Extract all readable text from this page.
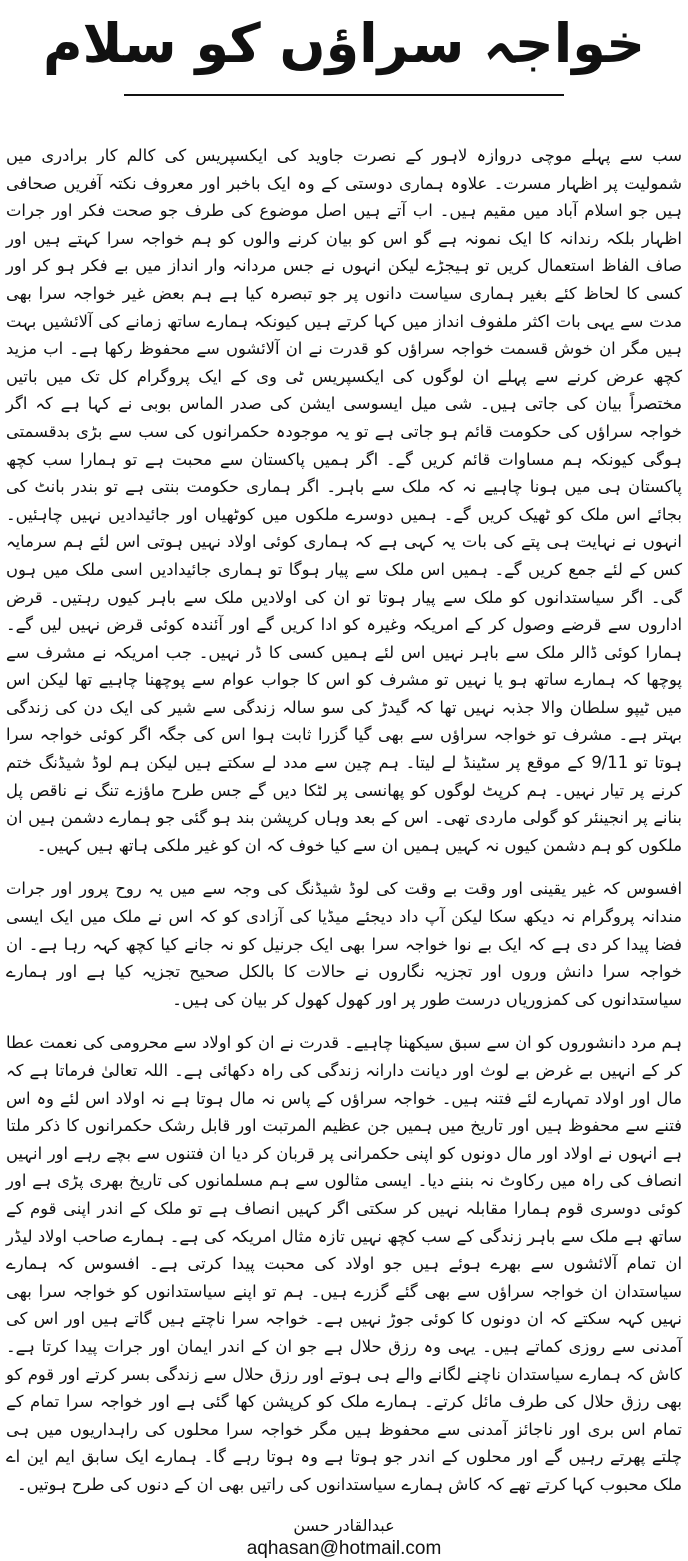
خواجہ سراؤں کو سلام

سب سے پہلے موچی دروازہ لاہور کے نصرت جاوید کی ایکسپریس کی کالم کار برادری میں شمولیت پر اظہار مسرت۔ علاوہ ہماری دوستی کے وہ ایک باخبر اور معروف نکتہ آفریں صحافی ہیں جو اسلام آباد میں مقیم ہیں۔ اب آتے ہیں اصل موضوع کی طرف جو صحت فکر اور جرات اظہار بلکہ رندانہ کا ایک نمونہ ہے گو اس کو بیان کرنے والوں کو ہم خواجہ سرا کہتے ہیں اور صاف الفاظ استعمال کریں تو ہیجڑے لیکن انہوں نے جس مردانہ وار انداز میں بے فکر ہو کر اور کسی کا لحاظ کئے بغیر ہماری سیاست دانوں پر جو تبصرہ کیا ہے ہم بعض غیر خواجہ سرا بھی مدت سے یہی بات اکثر ملفوف انداز میں کہا کرتے ہیں کیونکہ ہمارے ساتھ زمانے کی آلائشیں بہت ہیں مگر ان خوش قسمت خواجہ سراؤں کو قدرت نے ان آلائشوں سے محفوظ رکھا ہے۔ اب مزید کچھ عرض کرنے سے پہلے ان لوگوں کی ایکسپریس ٹی وی کے ایک پروگرام کل تک میں باتیں مختصراً بیان کی جاتی ہیں۔ شی میل ایسوسی ایشن کی صدر الماس بوبی نے کہا ہے کہ اگر خواجہ سراؤں کی حکومت قائم ہو جاتی ہے تو یہ موجودہ حکمرانوں کی سب سے بڑی بدقسمتی ہوگی کیونکہ ہم مساوات قائم کریں گے۔ اگر ہمیں پاکستان سے محبت ہے تو ہمارا سب کچھ پاکستان ہی میں ہونا چاہیے نہ کہ ملک سے باہر۔ اگر ہماری حکومت بنتی ہے تو بندر بانٹ کی بجائے اس ملک کو ٹھیک کریں گے۔ ہمیں دوسرے ملکوں میں کوٹھیاں اور جائیدادیں نہیں چاہئیں۔ انہوں نے نہایت ہی پتے کی بات یہ کہی ہے کہ ہماری کوئی اولاد نہیں ہوتی اس لئے ہم سرمایہ کس کے لئے جمع کریں گے۔ ہمیں اس ملک سے پیار ہوگا تو ہماری جائیدادیں اسی ملک میں ہوں گی۔ اگر سیاستدانوں کو ملک سے پیار ہوتا تو ان کی اولادیں ملک سے باہر کیوں رہتیں۔ قرض اداروں سے قرضے وصول کر کے امریکہ وغیرہ کو ادا کریں گے اور آئندہ کوئی قرض نہیں لیں گے۔ ہمارا کوئی ڈالر ملک سے باہر نہیں اس لئے ہمیں کسی کا ڈر نہیں۔ جب امریکہ نے مشرف سے پوچھا کہ ہمارے ساتھ ہو یا نہیں تو مشرف کو اس کا جواب عوام سے پوچھنا چاہیے تھا لیکن اس میں ٹیپو سلطان والا جذبہ نہیں تھا کہ گیدڑ کی سو سالہ زندگی سے شیر کی ایک دن کی زندگی بہتر ہے۔ مشرف تو خواجہ سراؤں سے بھی گیا گزرا ثابت ہوا اس کی جگہ اگر کوئی خواجہ سرا ہوتا تو 9/11 کے موقع پر سٹینڈ لے لیتا۔ ہم چین سے مدد لے سکتے ہیں لیکن ہم لوڈ شیڈنگ ختم کرنے پر تیار نہیں۔ ہم کرپٹ لوگوں کو پھانسی پر لٹکا دیں گے جس طرح ماؤزے تنگ نے ناقص پل بنانے پر انجینئر کو گولی ماردی تھی۔ اس کے بعد وہاں کرپشن بند ہو گئی جو ہمارے دشمن ہیں ان ملکوں کو ہم دشمن کیوں نہ کہیں ہمیں ان سے کیا خوف کہ ان کو غیر ملکی ہاتھ ہیں کہیں۔

افسوس کہ غیر یقینی اور وقت بے وقت کی لوڈ شیڈنگ کی وجہ سے میں یہ روح پرور اور جرات مندانہ پروگرام نہ دیکھ سکا لیکن آپ داد دیجئے میڈیا کی آزادی کو کہ اس نے ملک میں ایک ایسی فضا پیدا کر دی ہے کہ ایک بے نوا خواجہ سرا بھی ایک جرنیل کو نہ جانے کیا کچھ کہہ رہا ہے۔ ان خواجہ سرا دانش وروں اور تجزیہ نگاروں نے حالات کا بالکل صحیح تجزیہ کیا ہے اور ہمارے سیاستدانوں کی کمزوریاں درست طور پر اور کھول کھول کر بیان کی ہیں۔

ہم مرد دانشوروں کو ان سے سبق سیکھنا چاہیے۔ قدرت نے ان کو اولاد سے محرومی کی نعمت عطا کر کے انہیں بے غرض بے لوث اور دیانت دارانہ زندگی کی راہ دکھائی ہے۔ اللہ تعالیٰ فرماتا ہے کہ مال اور اولاد تمہارے لئے فتنہ ہیں۔ خواجہ سراؤں کے پاس نہ مال ہوتا ہے نہ اولاد اس لئے وہ اس فتنے سے محفوظ ہیں اور تاریخ میں ہمیں جن عظیم المرتبت اور قابل رشک حکمرانوں کا ذکر ملتا ہے انہوں نے اولاد اور مال دونوں کو اپنی حکمرانی پر قربان کر دیا ان فتنوں سے بچے رہے اور انہیں انصاف کی راہ میں رکاوٹ نہ بننے دیا۔ ایسی مثالوں سے ہم مسلمانوں کی تاریخ بھری پڑی ہے اور کوئی دوسری قوم ہمارا مقابلہ نہیں کر سکتی اگر کہیں انصاف ہے تو ملک کے اندر اپنی قوم کے ساتھ ہے ملک سے باہر زندگی کے سب کچھ نہیں تازہ مثال امریکہ کی ہے۔ ہمارے صاحب اولاد لیڈر ان تمام آلائشوں سے بھرے ہوئے ہیں جو اولاد کی محبت پیدا کرتی ہے۔ افسوس کہ ہمارے سیاستدان ان خواجہ سراؤں سے بھی گئے گزرے ہیں۔ ہم تو اپنے سیاستدانوں کو خواجہ سرا بھی نہیں کہہ سکتے کہ ان دونوں کا کوئی جوڑ نہیں ہے۔ خواجہ سرا ناچتے ہیں گاتے ہیں اور اس کی آمدنی سے روزی کماتے ہیں۔ یہی وہ رزق حلال ہے جو ان کے اندر ایمان اور جرات پیدا کرتا ہے۔ کاش کہ ہمارے سیاستدان ناچنے لگانے والے ہی ہوتے اور رزق حلال سے زندگی بسر کرتے اور قوم کو بھی رزق حلال کی طرف مائل کرتے۔ ہمارے ملک کو کرپشن کھا گئی ہے اور خواجہ سرا تمام کے تمام اس بری اور ناجائز آمدنی سے محفوظ ہیں مگر خواجہ سرا محلوں کی راہداریوں میں ہی چلتے پھرتے رہیں گے اور محلوں کے اندر جو ہوتا ہے وہ ہوتا رہے گا۔ ہمارے ایک سابق ایم این اے ملک محبوب کہا کرتے تھے کہ کاش ہمارے سیاستدانوں کی راتیں بھی ان کے دنوں کی طرح ہوتیں۔

عبدالقادر حسن
aqhasan@hotmail.com
